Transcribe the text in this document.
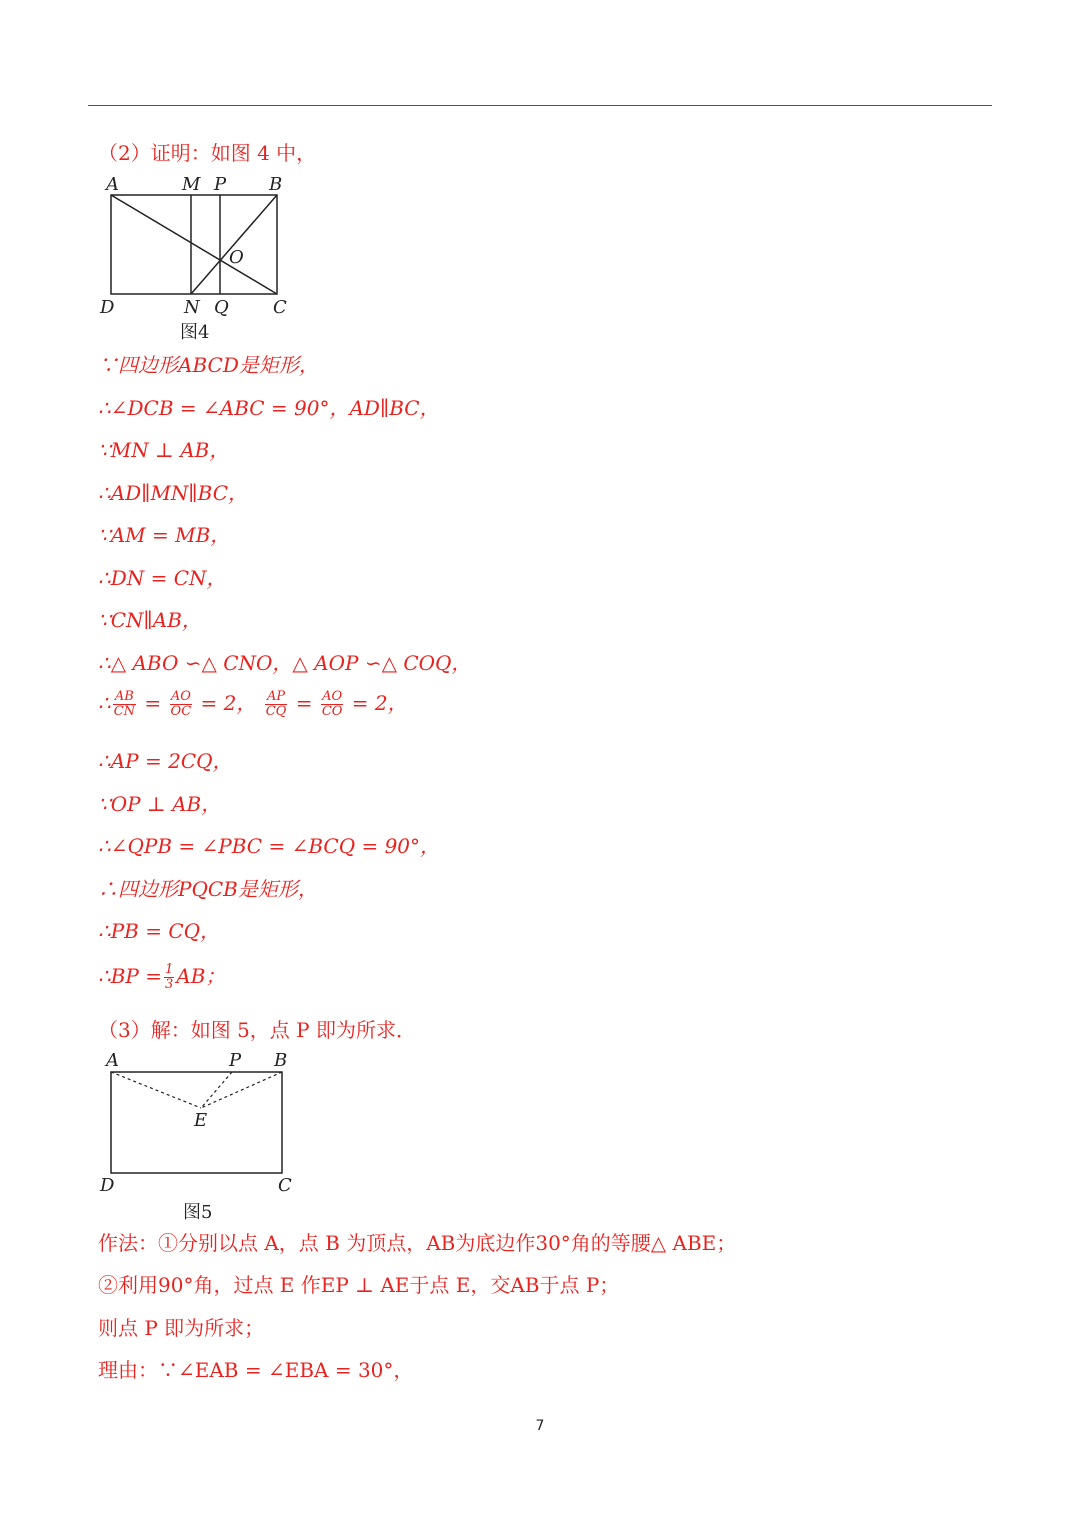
（2）证明：如图 4 中，
A	M P B
O
D	N Q C
图4
∵四边形ABCD是矩形，
∴∠DCB = ∠ABC = 90°，AD∥BC，
∵MN ⊥ AB，
∴AD∥MN∥BC，
∵AM = MB，
∴DN = CN，
∵CN∥AB，
∴△ ABO ∽△ CNO，△ AOP ∽△ COQ，
∴ $\frac{AB}{CN} = \frac{AO}{OC} = 2$， $\frac{AP}{CQ} = \frac{AO}{CO} = 2$，
∴AP = 2CQ，
∵OP ⊥ AB，
∴∠QPB = ∠PBC = ∠BCQ = 90°，
∴四边形PQCB是矩形，
∴PB = CQ，
∴BP = $\frac{1}{3}$ AB；
（3）解：如图 5，点 P 即为所求．
A	P B
E
D	C
图5
作法：①分别以点 A，点 B 为顶点，AB为底边作30°角的等腰△ ABE；
②利用90°角，过点 E 作EP ⊥ AE于点 E，交AB于点 P；
则点 P 即为所求；
理由：∵∠EAB = ∠EBA = 30°，
7
